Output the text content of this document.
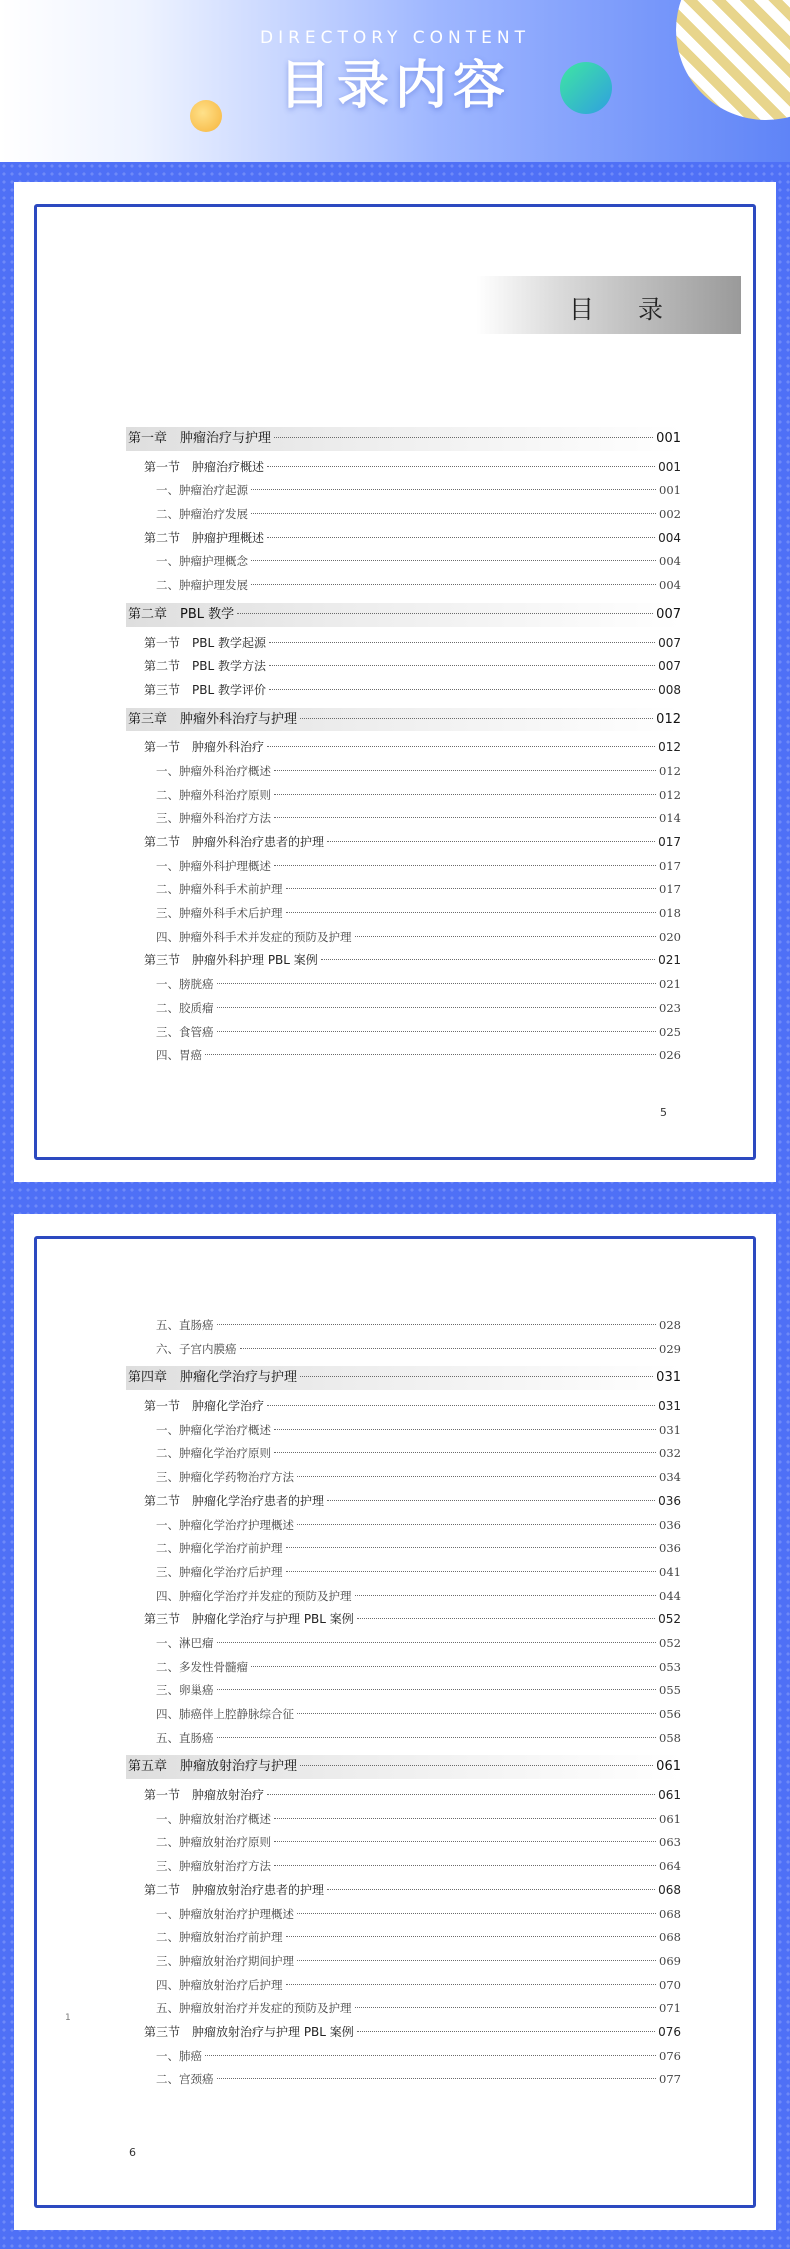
DIRECTORY CONTENT
目录内容
目 录
第一章　肿瘤治疗与护理	001
第一节　肿瘤治疗概述	001
一、肿瘤治疗起源	001
二、肿瘤治疗发展	002
第二节　肿瘤护理概述	004
一、肿瘤护理概念	004
二、肿瘤护理发展	004
第二章　PBL 教学	007
第一节　PBL 教学起源	007
第二节　PBL 教学方法	007
第三节　PBL 教学评价	008
第三章　肿瘤外科治疗与护理	012
第一节　肿瘤外科治疗	012
一、肿瘤外科治疗概述	012
二、肿瘤外科治疗原则	012
三、肿瘤外科治疗方法	014
第二节　肿瘤外科治疗患者的护理	017
一、肿瘤外科护理概述	017
二、肿瘤外科手术前护理	017
三、肿瘤外科手术后护理	018
四、肿瘤外科手术并发症的预防及护理	020
第三节　肿瘤外科护理 PBL 案例	021
一、膀胱癌	021
二、胶质瘤	023
三、食管癌	025
四、胃癌	026
5
五、直肠癌	028
六、子宫内膜癌	029
第四章　肿瘤化学治疗与护理	031
第一节　肿瘤化学治疗	031
一、肿瘤化学治疗概述	031
二、肿瘤化学治疗原则	032
三、肿瘤化学药物治疗方法	034
第二节　肿瘤化学治疗患者的护理	036
一、肿瘤化学治疗护理概述	036
二、肿瘤化学治疗前护理	036
三、肿瘤化学治疗后护理	041
四、肿瘤化学治疗并发症的预防及护理	044
第三节　肿瘤化学治疗与护理 PBL 案例	052
一、淋巴瘤	052
二、多发性骨髓瘤	053
三、卵巢癌	055
四、肺癌伴上腔静脉综合征	056
五、直肠癌	058
第五章　肿瘤放射治疗与护理	061
第一节　肿瘤放射治疗	061
一、肿瘤放射治疗概述	061
二、肿瘤放射治疗原则	063
三、肿瘤放射治疗方法	064
第二节　肿瘤放射治疗患者的护理	068
一、肿瘤放射治疗护理概述	068
二、肿瘤放射治疗前护理	068
三、肿瘤放射治疗期间护理	069
四、肿瘤放射治疗后护理	070
五、肿瘤放射治疗并发症的预防及护理	071
第三节　肿瘤放射治疗与护理 PBL 案例	076
一、肺癌	076
二、宫颈癌	077
1
6
